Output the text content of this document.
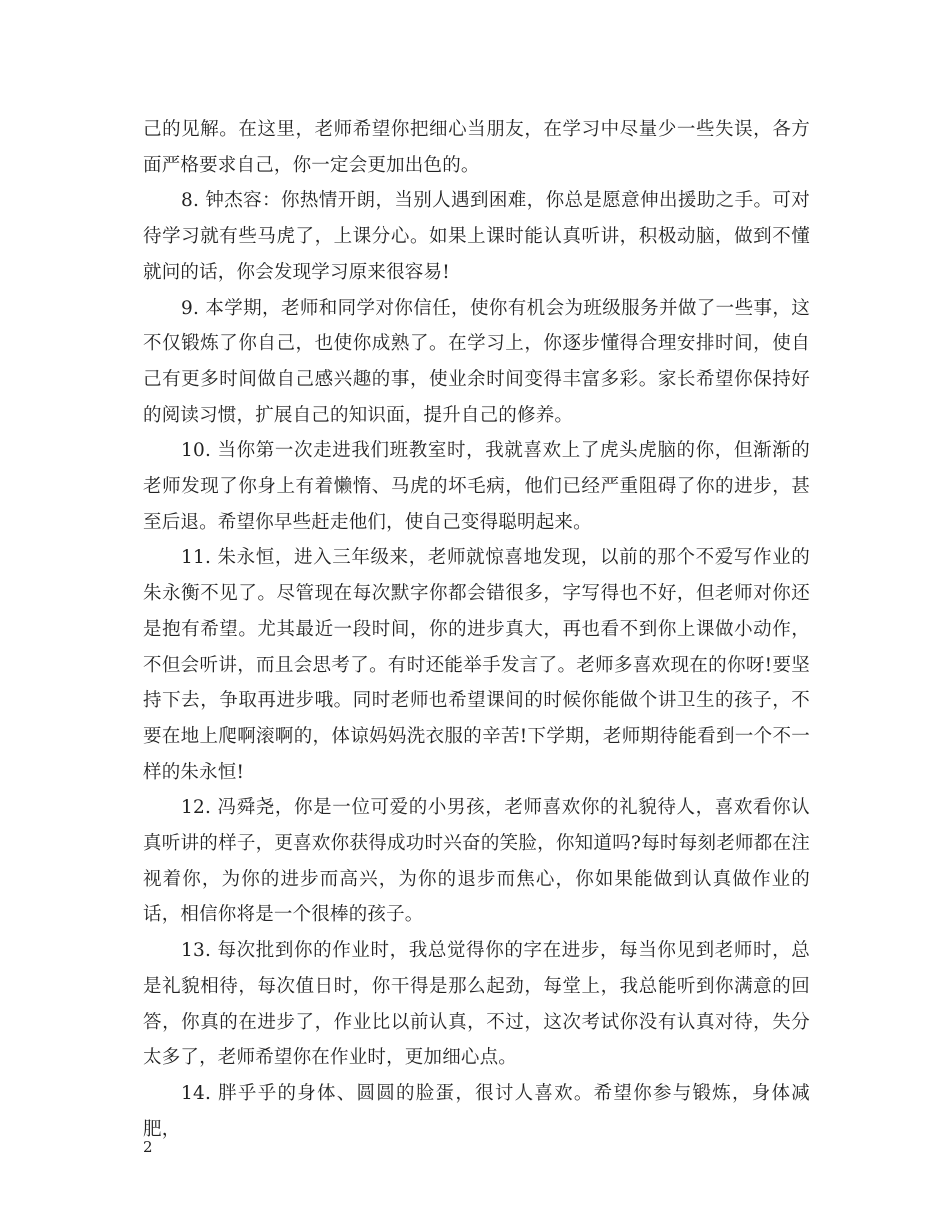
己的见解。在这里，老师希望你把细心当朋友，在学习中尽量少一些失误，各方面严格要求自己，你一定会更加出色的。

8. 钟杰容：你热情开朗，当别人遇到困难，你总是愿意伸出援助之手。可对待学习就有些马虎了，上课分心。如果上课时能认真听讲，积极动脑，做到不懂就问的话，你会发现学习原来很容易!

9. 本学期，老师和同学对你信任，使你有机会为班级服务并做了一些事，这不仅锻炼了你自己，也使你成熟了。在学习上，你逐步懂得合理安排时间，使自己有更多时间做自己感兴趣的事，使业余时间变得丰富多彩。家长希望你保持好的阅读习惯，扩展自己的知识面，提升自己的修养。

10. 当你第一次走进我们班教室时，我就喜欢上了虎头虎脑的你，但渐渐的老师发现了你身上有着懒惰、马虎的坏毛病，他们已经严重阻碍了你的进步，甚至后退。希望你早些赶走他们，使自己变得聪明起来。

11. 朱永恒，进入三年级来，老师就惊喜地发现，以前的那个不爱写作业的朱永衡不见了。尽管现在每次默字你都会错很多，字写得也不好，但老师对你还是抱有希望。尤其最近一段时间，你的进步真大，再也看不到你上课做小动作，不但会听讲，而且会思考了。有时还能举手发言了。老师多喜欢现在的你呀!要坚持下去，争取再进步哦。同时老师也希望课间的时候你能做个讲卫生的孩子，不要在地上爬啊滚啊的，体谅妈妈洗衣服的辛苦!下学期，老师期待能看到一个不一样的朱永恒!

12. 冯舜尧，你是一位可爱的小男孩，老师喜欢你的礼貌待人，喜欢看你认真听讲的样子，更喜欢你获得成功时兴奋的笑脸，你知道吗?每时每刻老师都在注视着你，为你的进步而高兴，为你的退步而焦心，你如果能做到认真做作业的话，相信你将是一个很棒的孩子。

13. 每次批到你的作业时，我总觉得你的字在进步，每当你见到老师时，总是礼貌相待，每次值日时，你干得是那么起劲，每堂上，我总能听到你满意的回答，你真的在进步了，作业比以前认真，不过，这次考试你没有认真对待，失分太多了，老师希望你在作业时，更加细心点。

14. 胖乎乎的身体、圆圆的脸蛋，很讨人喜欢。希望你参与锻炼，身体减肥，

2
